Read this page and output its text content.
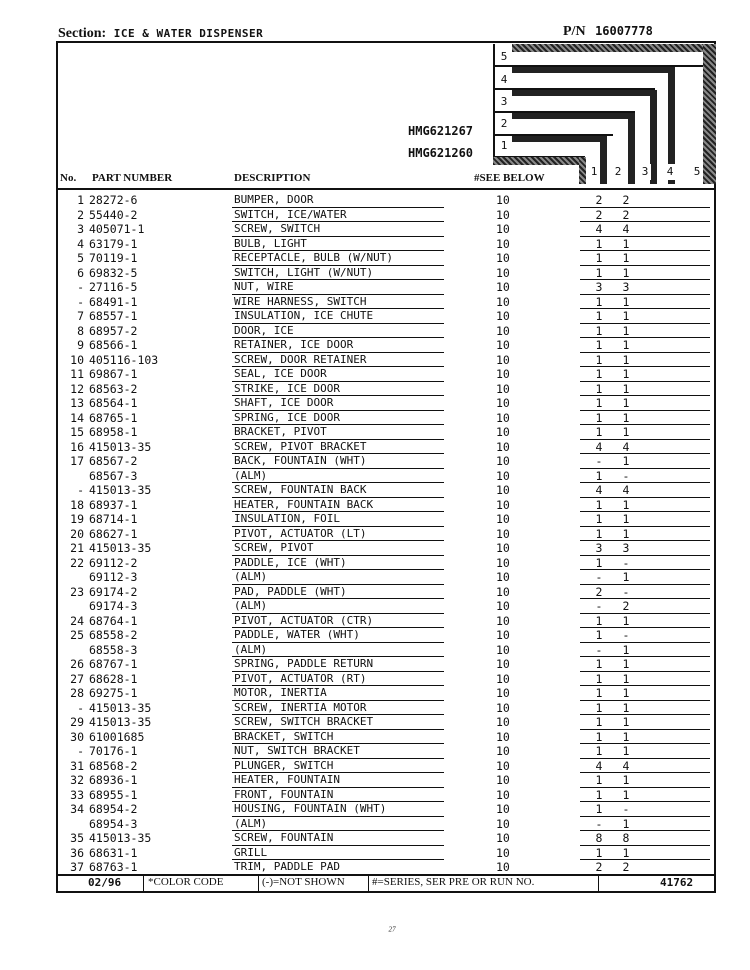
Section: ICE & WATER DISPENSER	P/N 16007778
5
4
3
2
1
HMG621267
HMG621260
No. PART NUMBER	DESCRIPTION	#SEE BELOW	1 2 3 4 5
1 28272-6	BUMPER, DOOR	10	2	2
2 55440-2	SWITCH, ICE/WATER	10	2	2
3 405071-1	SCREW, SWITCH	10	4	4
4 63179-1	BULB, LIGHT	10	1	1
5 70119-1	RECEPTACLE, BULB (W/NUT)	10	1	1
6 69832-5	SWITCH, LIGHT (W/NUT)	10	1	1
- 27116-5	NUT, WIRE	10	3	3
- 68491-1	WIRE HARNESS, SWITCH	10	1	1
7 68557-1	INSULATION, ICE CHUTE	10	1	1
8 68957-2	DOOR, ICE	10	1	1
9 68566-1	RETAINER, ICE DOOR	10	1	1
10 405116-103	SCREW, DOOR RETAINER	10	1	1
11 69867-1	SEAL, ICE DOOR	10	1	1
12 68563-2	STRIKE, ICE DOOR	10	1	1
13 68564-1	SHAFT, ICE DOOR	10	1	1
14 68765-1	SPRING, ICE DOOR	10	1	1
15 68958-1	BRACKET, PIVOT	10	1	1
16 415013-35	SCREW, PIVOT BRACKET	10	4	4
17 68567-2	BACK, FOUNTAIN (WHT)	10	-	1
68567-3	(ALM)	10	1	-
- 415013-35	SCREW, FOUNTAIN BACK	10	4	4
18 68937-1	HEATER, FOUNTAIN BACK	10	1	1
19 68714-1	INSULATION, FOIL	10	1	1
20 68627-1	PIVOT, ACTUATOR (LT)	10	1	1
21 415013-35	SCREW, PIVOT	10	3	3
22 69112-2	PADDLE, ICE (WHT)	10	1	-
69112-3	(ALM)	10	-	1
23 69174-2	PAD, PADDLE (WHT)	10	2	-
69174-3	(ALM)	10	-	2
24 68764-1	PIVOT, ACTUATOR (CTR)	10	1	1
25 68558-2	PADDLE, WATER (WHT)	10	1	-
68558-3	(ALM)	10	-	1
26 68767-1	SPRING, PADDLE RETURN	10	1	1
27 68628-1	PIVOT, ACTUATOR (RT)	10	1	1
28 69275-1	MOTOR, INERTIA	10	1	1
- 415013-35	SCREW, INERTIA MOTOR	10	1	1
29 415013-35	SCREW, SWITCH BRACKET	10	1	1
30 61001685	BRACKET, SWITCH	10	1	1
- 70176-1	NUT, SWITCH BRACKET	10	1	1
31 68568-2	PLUNGER, SWITCH	10	4	4
32 68936-1	HEATER, FOUNTAIN	10	1	1
33 68955-1	FRONT, FOUNTAIN	10	1	1
34 68954-2	HOUSING, FOUNTAIN (WHT)	10	1	-
68954-3	(ALM)	10	-	1
35 415013-35	SCREW, FOUNTAIN	10	8	8
36 68631-1	GRILL	10	1	1
37 68763-1	TRIM, PADDLE PAD	10	2	2
02/96 *COLOR CODE	(-)=NOT SHOWN #=SERIES, SER PRE OR RUN NO.	41762
₂₇
